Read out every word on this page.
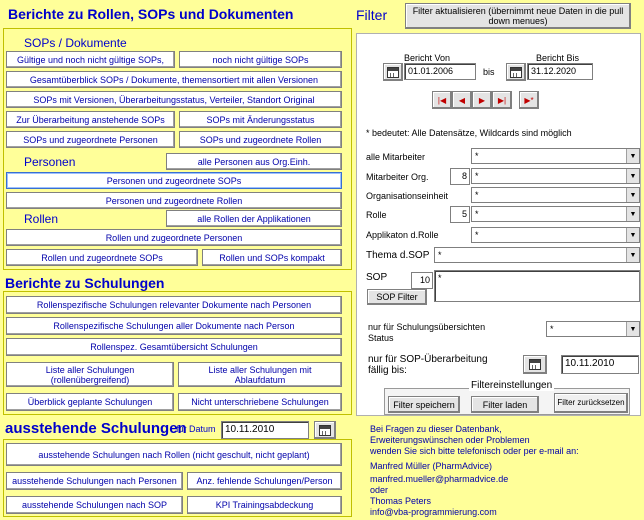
Berichte zu Rollen, SOPs und Dokumenten
SOPs / Dokumente
Gültige und noch nicht gültige SOPs,	noch nicht gültige SOPs
Gesamtüberblick SOPs / Dokumente, themensortiert mit allen Versionen
SOPs mit Versionen, Überarbeitungsstatus, Verteiler, Standort Original
Zur Überarbeitung anstehende SOPs	SOPs mit Änderungsstatus
SOPs und zugeordnete Personen	SOPs und zugeordnete Rollen
Personen	alle Personen aus Org.Einh.
Personen und zugeordnete SOPs
Personen und zugeordnete Rollen
Rollen	alle Rollen der Applikationen
Rollen und zugeordnete Personen
Rollen und zugeordnete SOPs	Rollen und SOPs kompakt
Berichte zu Schulungen
Rollenspezifische Schulungen relevanter Dokumente nach Personen
Rollenspezifische Schulungen aller Dokumente nach Person
Rollenspez. Gesamtübersicht Schulungen
Liste aller Schulungen (rollenübergreifend)
Liste aller Schulungen mit Ablaufdatum
Überblick geplante Schulungen	Nicht unterschriebene Schulungen
ausstehende Schulungen
für Datum 10.11.2010
ausstehende Schulungen nach Rollen (nicht geschult, nicht geplant)
ausstehende Schulungen nach Personen	Anz. fehlende Schulungen/Person
ausstehende Schulungen nach SOP	KPI Trainingsabdeckung
Filter	Filter aktualisieren (übernimmt neue Daten in die pull down menues)
Bericht Von	Bericht Bis
01.01.2006	bis	31.12.2020
|◀	◀	▶	▶|	▶*
* bedeutet: Alle Datensätze, Wildcards sind möglich
alle Mitarbeiter	*	▼
Mitarbeiter Org.	8 *	▼
Organisationseinheit	*	▼
Rolle	5 *	▼
Applikaton d.Rolle	*	▼
Thema d.SOP *	▼
SOP	10 *
SOP Filter
nur für Schulungsübersichten Status
*	▼
nur für SOP-Überarbeitung fällig bis:
10.11.2010
Filtereinstellungen
Filter speichern	Filter laden	Filter zurücksetzen
Bei Fragen zu dieser Datenbank,
Erweiterungswünschen oder Problemen
wenden Sie sich bitte telefonisch oder per e-mail an:
Manfred Müller (PharmAdvice)
manfred.mueller@pharmadvice.de
oder
Thomas Peters
info@vba-programmierung.com
